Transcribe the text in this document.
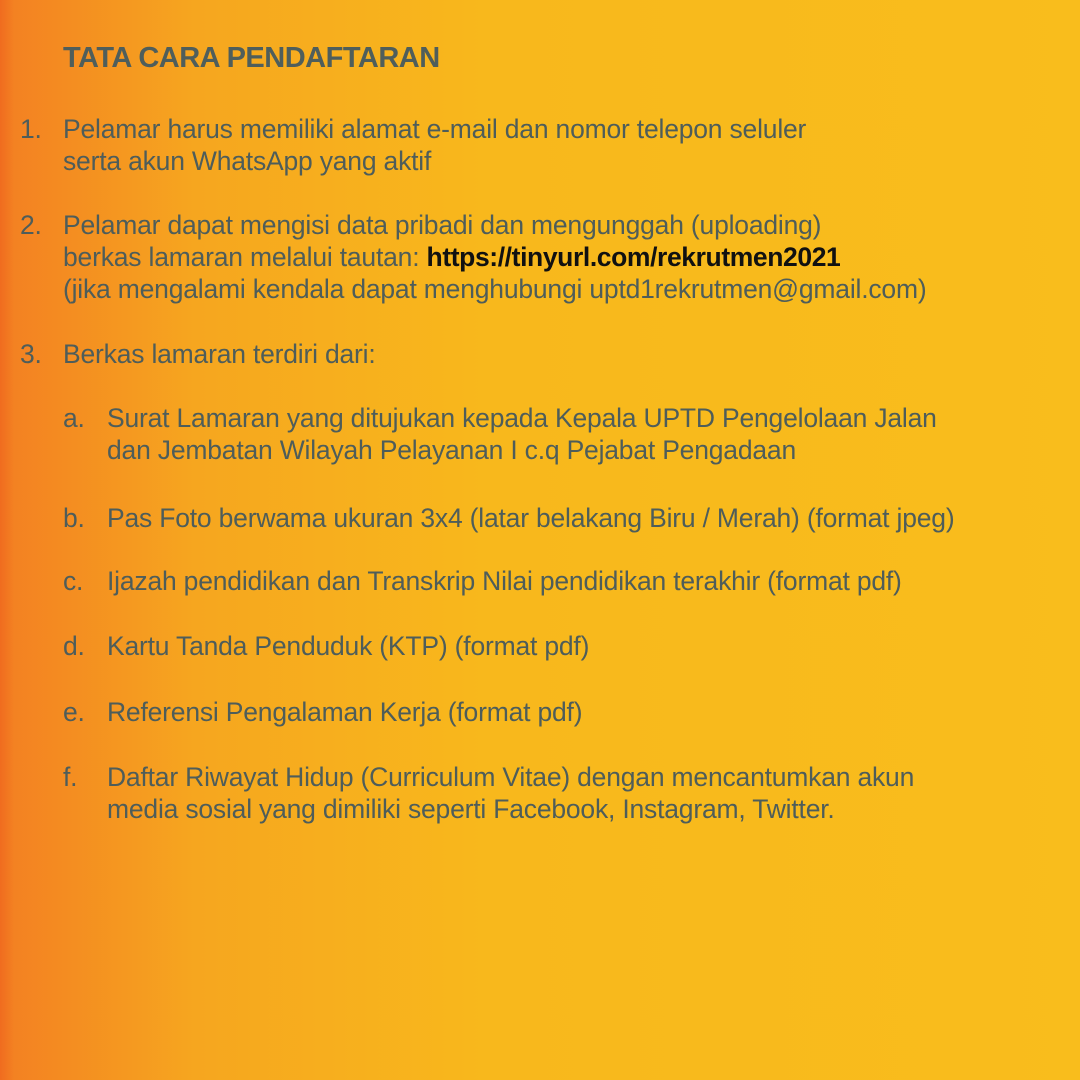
TATA CARA PENDAFTARAN
1. Pelamar harus memiliki alamat e-mail dan nomor telepon seluler
serta akun WhatsApp yang aktif
2. Pelamar dapat mengisi data pribadi dan mengunggah (uploading)
berkas lamaran melalui tautan: https://tinyurl.com/rekrutmen2021
(jika mengalami kendala dapat menghubungi uptd1rekrutmen@gmail.com)
3. Berkas lamaran terdiri dari:
a. Surat Lamaran yang ditujukan kepada Kepala UPTD Pengelolaan Jalan
dan Jembatan Wilayah Pelayanan I c.q Pejabat Pengadaan
b. Pas Foto berwama ukuran 3x4 (latar belakang Biru / Merah) (format jpeg)
c. Ijazah pendidikan dan Transkrip Nilai pendidikan terakhir (format pdf)
d. Kartu Tanda Penduduk (KTP) (format pdf)
e. Referensi Pengalaman Kerja (format pdf)
f.	Daftar Riwayat Hidup (Curriculum Vitae) dengan mencantumkan akun
media sosial yang dimiliki seperti Facebook, Instagram, Twitter.
